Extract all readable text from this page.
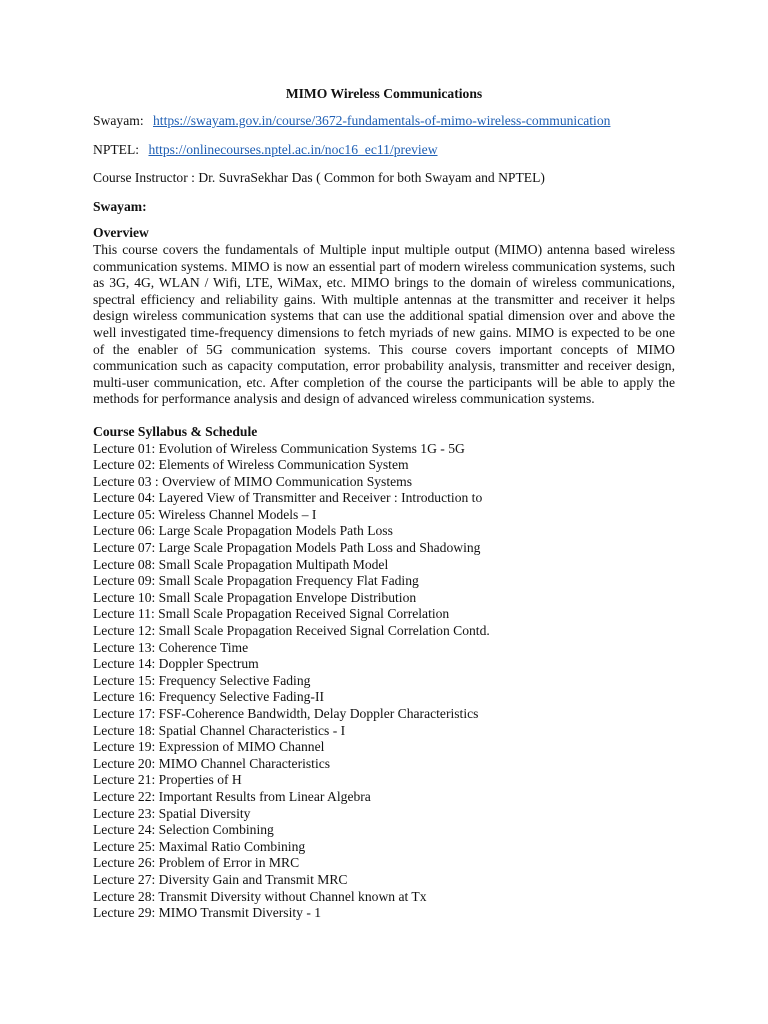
MIMO Wireless Communications
Swayam: https://swayam.gov.in/course/3672-fundamentals-of-mimo-wireless-communication
NPTEL: https://onlinecourses.nptel.ac.in/noc16_ec11/preview
Course Instructor : Dr. SuvraSekhar Das ( Common for both Swayam and NPTEL)
Swayam:
Overview
This course covers the fundamentals of Multiple input multiple output (MIMO) antenna based wireless communication systems. MIMO is now an essential part of modern wireless communication systems, such as 3G, 4G, WLAN / Wifi, LTE, WiMax, etc. MIMO brings to the domain of wireless communications, spectral efficiency and reliability gains. With multiple antennas at the transmitter and receiver it helps design wireless communication systems that can use the additional spatial dimension over and above the well investigated time-frequency dimensions to fetch myriads of new gains. MIMO is expected to be one of the enabler of 5G communication systems. This course covers important concepts of MIMO communication such as capacity computation, error probability analysis, transmitter and receiver design, multi-user communication, etc. After completion of the course the participants will be able to apply the methods for performance analysis and design of advanced wireless communication systems.
Course Syllabus & Schedule
Lecture 01: Evolution of Wireless Communication Systems 1G - 5G
Lecture 02: Elements of Wireless Communication System
Lecture 03 : Overview of MIMO Communication Systems
Lecture 04: Layered View of Transmitter and Receiver : Introduction to
Lecture 05: Wireless Channel Models – I
Lecture 06: Large Scale Propagation Models Path Loss
Lecture 07: Large Scale Propagation Models Path Loss and Shadowing
Lecture 08: Small Scale Propagation Multipath Model
Lecture 09: Small Scale Propagation Frequency Flat Fading
Lecture 10: Small Scale Propagation Envelope Distribution
Lecture 11: Small Scale Propagation Received Signal Correlation
Lecture 12: Small Scale Propagation Received Signal Correlation Contd.
Lecture 13: Coherence Time
Lecture 14: Doppler Spectrum
Lecture 15: Frequency Selective Fading
Lecture 16: Frequency Selective Fading-II
Lecture 17: FSF-Coherence Bandwidth, Delay Doppler Characteristics
Lecture 18: Spatial Channel Characteristics - I
Lecture 19: Expression of MIMO Channel
Lecture 20: MIMO Channel Characteristics
Lecture 21: Properties of H
Lecture 22: Important Results from Linear Algebra
Lecture 23: Spatial Diversity
Lecture 24: Selection Combining
Lecture 25: Maximal Ratio Combining
Lecture 26: Problem of Error in MRC
Lecture 27: Diversity Gain and Transmit MRC
Lecture 28: Transmit Diversity without Channel known at Tx
Lecture 29: MIMO Transmit Diversity - 1
